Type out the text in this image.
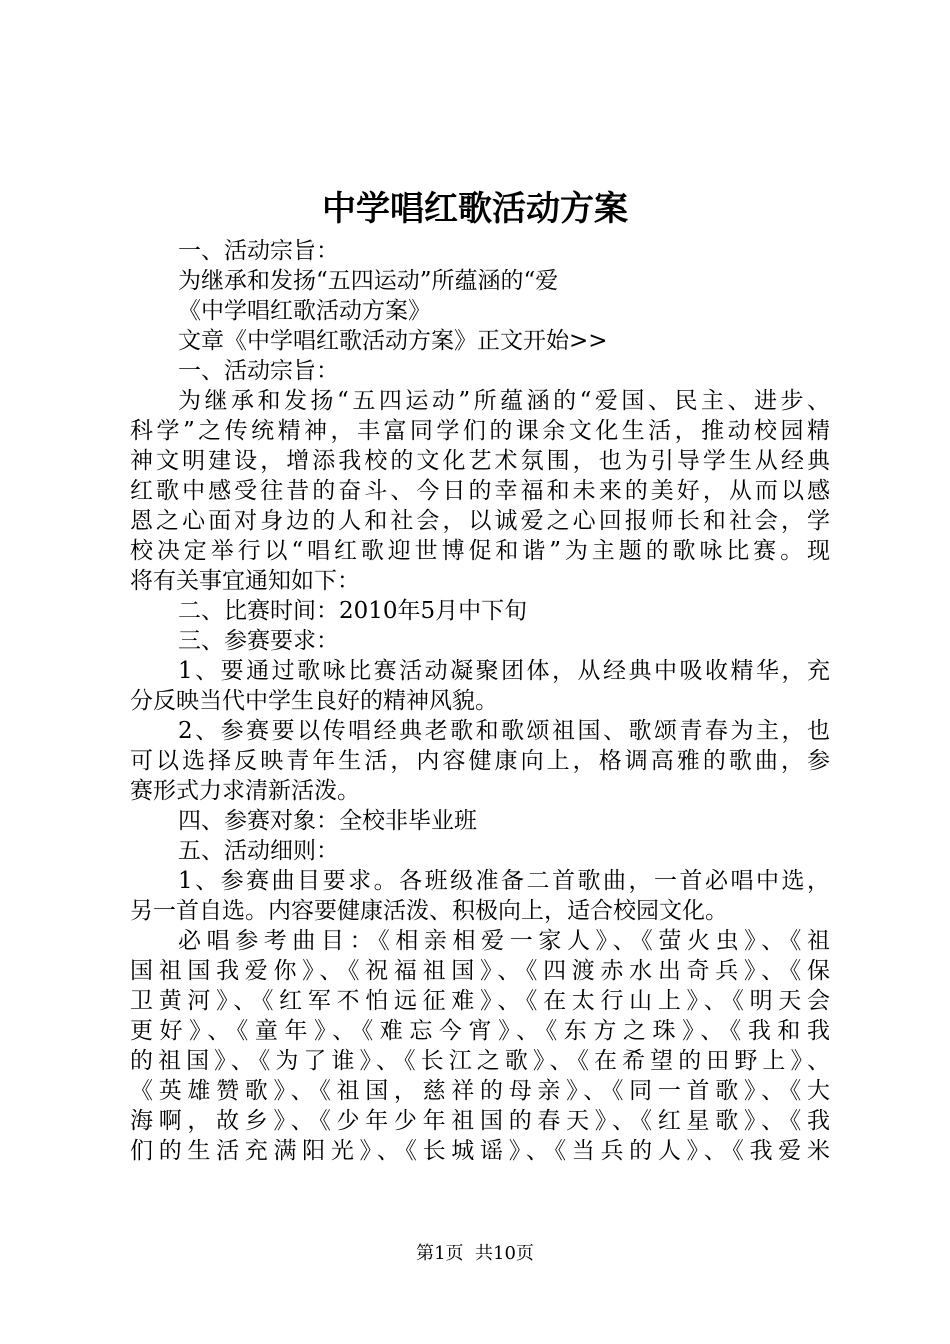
中学唱红歌活动方案
一、活动宗旨：
为继承和发扬“五四运动”所蕴涵的“爱
《中学唱红歌活动方案》
文章《中学唱红歌活动方案》正文开始>>
一、活动宗旨：
为继承和发扬“五四运动”所蕴涵的“爱国、民主、进步、
科学”之传统精神，丰富同学们的课余文化生活，推动校园精
神文明建设，增添我校的文化艺术氛围，也为引导学生从经典
红歌中感受往昔的奋斗、今日的幸福和未来的美好，从而以感
恩之心面对身边的人和社会，以诚爱之心回报师长和社会，学
校决定举行以“唱红歌迎世博促和谐”为主题的歌咏比赛。现
将有关事宜通知如下：
二、比赛时间：2010年5月中下旬
三、参赛要求：
1、要通过歌咏比赛活动凝聚团体，从经典中吸收精华，充
分反映当代中学生良好的精神风貌。
2、参赛要以传唱经典老歌和歌颂祖国、歌颂青春为主，也
可以选择反映青年生活，内容健康向上，格调高雅的歌曲，参
赛形式力求清新活泼。
四、参赛对象：全校非毕业班
五、活动细则：
1、参赛曲目要求。各班级准备二首歌曲，一首必唱中选，
另一首自选。内容要健康活泼、积极向上，适合校园文化。
必唱参考曲目：《相亲相爱一家人》、《萤火虫》、《祖
国祖国我爱你》、《祝福祖国》、《四渡赤水出奇兵》、《保
卫黄河》、《红军不怕远征难》、《在太行山上》、《明天会
更好》、《童年》、《难忘今宵》、《东方之珠》、《我和我
的祖国》、《为了谁》、《长江之歌》、《在希望的田野上》、
《英雄赞歌》、《祖国，慈祥的母亲》、《同一首歌》、《大
海啊，故乡》、《少年少年祖国的春天》、《红星歌》、《我
们的生活充满阳光》、《长城谣》、《当兵的人》、《我爱米
第1页  共10页
